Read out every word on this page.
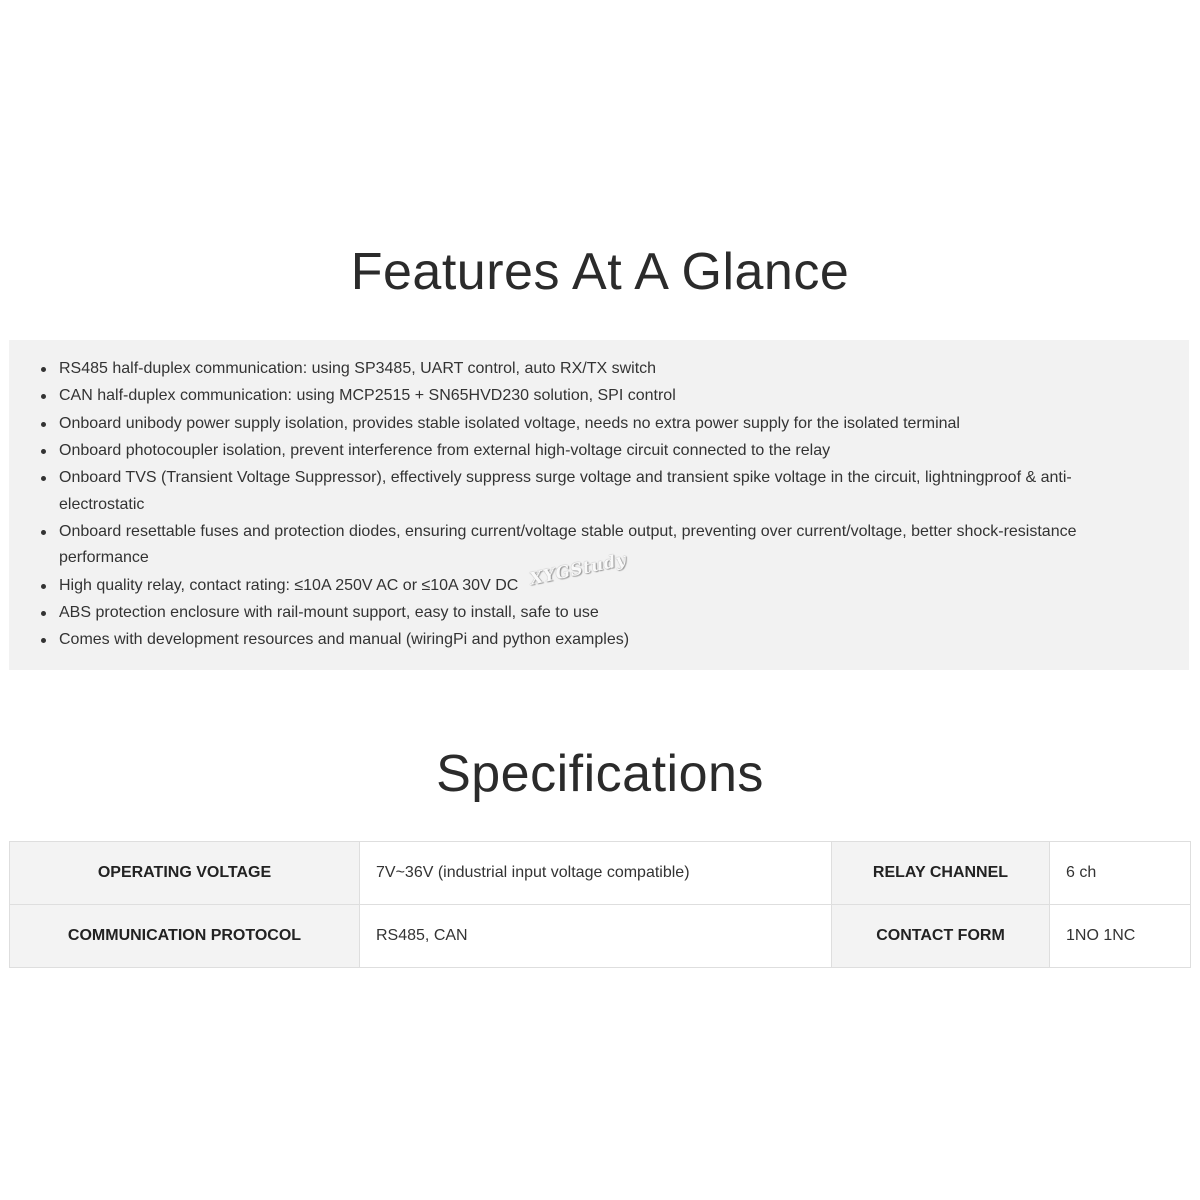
Features At A Glance
RS485 half-duplex communication: using SP3485, UART control, auto RX/TX switch
CAN half-duplex communication: using MCP2515 + SN65HVD230 solution, SPI control
Onboard unibody power supply isolation, provides stable isolated voltage, needs no extra power supply for the isolated terminal
Onboard photocoupler isolation, prevent interference from external high-voltage circuit connected to the relay
Onboard TVS (Transient Voltage Suppressor), effectively suppress surge voltage and transient spike voltage in the circuit, lightningproof & anti-electrostatic
Onboard resettable fuses and protection diodes, ensuring current/voltage stable output, preventing over current/voltage, better shock-resistance performance
High quality relay, contact rating: ≤10A 250V AC or ≤10A 30V DC
ABS protection enclosure with rail-mount support, easy to install, safe to use
Comes with development resources and manual (wiringPi and python examples)
XYGStudy
Specifications
OPERATING VOLTAGE	7V~36V (industrial input voltage compatible)	RELAY CHANNEL	6 ch
COMMUNICATION PROTOCOL	RS485, CAN	CONTACT FORM	1NO 1NC
